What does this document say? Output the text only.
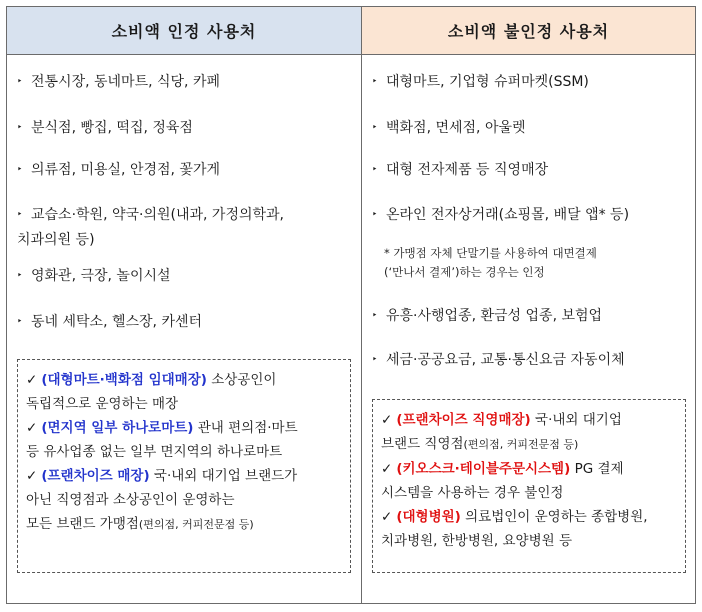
소비액 인정 사용처
‣ 전통시장, 동네마트, 식당, 카페
‣ 분식점, 빵집, 떡집, 정육점
‣ 의류점, 미용실, 안경점, 꽃가게
‣ 교습소·학원, 약국·의원(내과, 가정의학과,
치과의원 등)
‣ 영화관, 극장, 놀이시설
‣ 동네 세탁소, 헬스장, 카센터
✓ (대형마트·백화점 임대매장) 소상공인이
독립적으로 운영하는 매장
✓ (면지역 일부 하나로마트) 관내 편의점·마트
등 유사업종 없는 일부 면지역의 하나로마트
✓ (프랜차이즈 매장) 국·내외 대기업 브랜드가
아닌 직영점과 소상공인이 운영하는
모든 브랜드 가맹점(편의점, 커피전문점 등)
소비액 불인정 사용처
‣ 대형마트, 기업형 슈퍼마켓(SSM)
‣ 백화점, 면세점, 아울렛
‣ 대형 전자제품 등 직영매장
‣ 온라인 전자상거래(쇼핑몰, 배달 앱* 등)
* 가맹점 자체 단말기를 사용하여 대면결제
(‘만나서 결제’)하는 경우는 인정
‣ 유흥·사행업종, 환금성 업종, 보험업
‣ 세금·공공요금, 교통·통신요금 자동이체
✓ (프랜차이즈 직영매장) 국·내외 대기업
브랜드 직영점(편의점, 커피전문점 등)
✓ (키오스크·테이블주문시스템) PG 결제
시스템을 사용하는 경우 불인정
✓ (대형병원) 의료법인이 운영하는 종합병원,
치과병원, 한방병원, 요양병원 등
